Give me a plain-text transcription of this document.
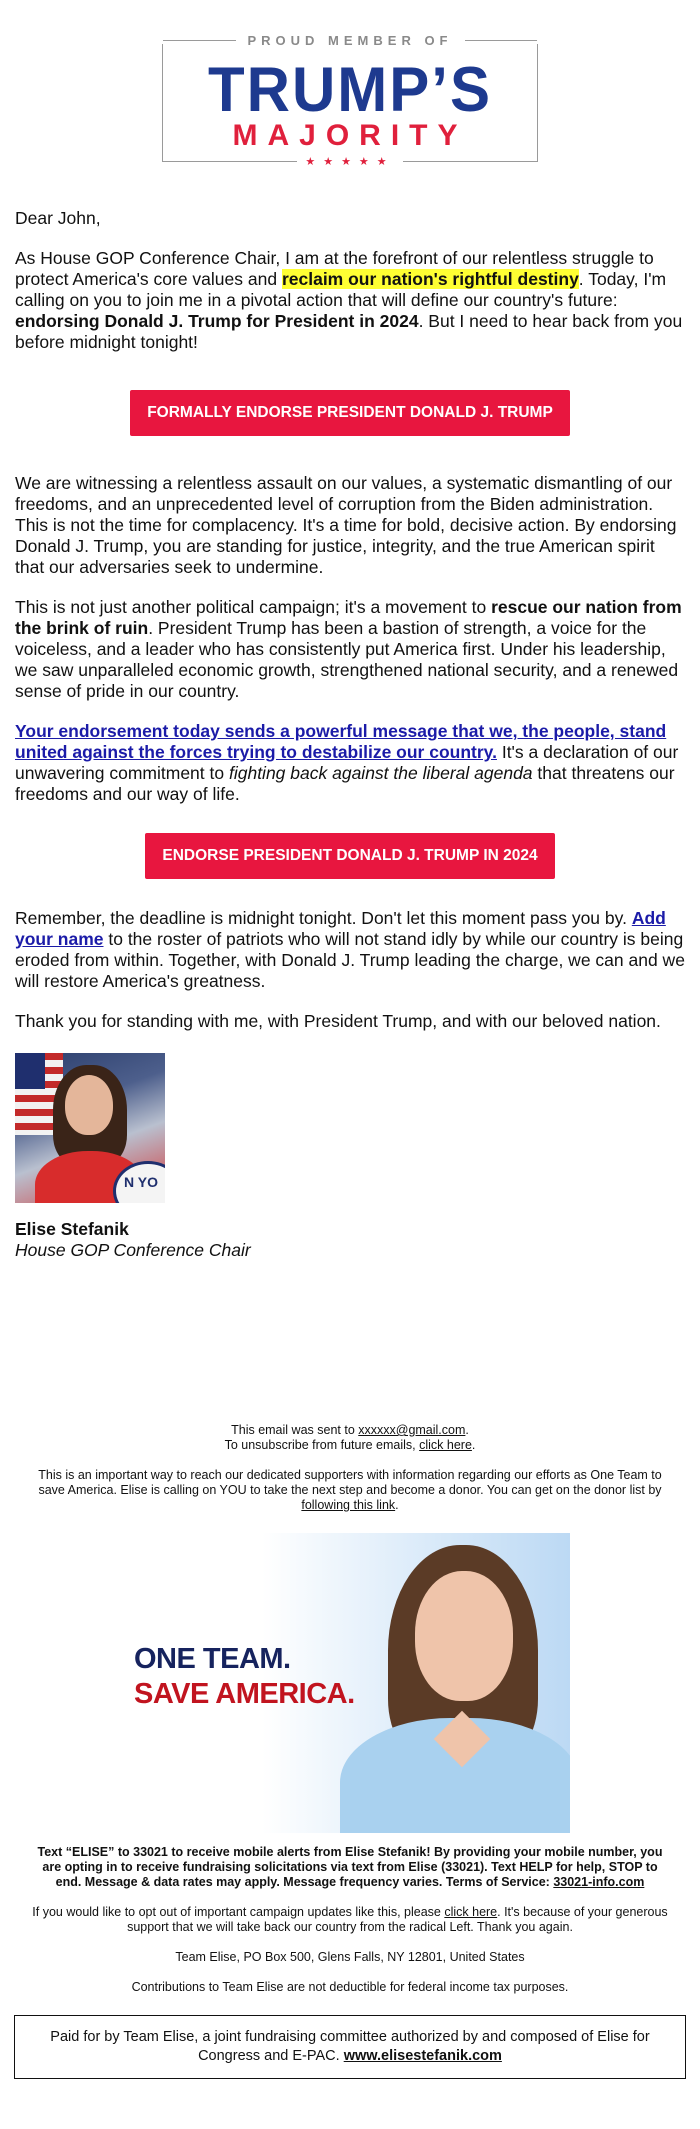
PROUD MEMBER OF
TRUMP’S
MAJORITY
★★★★★

Dear John,

As House GOP Conference Chair, I am at the forefront of our relentless struggle to protect America's core values and reclaim our nation's rightful destiny. Today, I'm calling on you to join me in a pivotal action that will define our country's future: endorsing Donald J. Trump for President in 2024. But I need to hear back from you before midnight tonight!

FORMALLY ENDORSE PRESIDENT DONALD J. TRUMP

We are witnessing a relentless assault on our values, a systematic dismantling of our freedoms, and an unprecedented level of corruption from the Biden administration. This is not the time for complacency. It's a time for bold, decisive action. By endorsing Donald J. Trump, you are standing for justice, integrity, and the true American spirit that our adversaries seek to undermine.

This is not just another political campaign; it's a movement to rescue our nation from the brink of ruin. President Trump has been a bastion of strength, a voice for the voiceless, and a leader who has consistently put America first. Under his leadership, we saw unparalleled economic growth, strengthened national security, and a renewed sense of pride in our country.

Your endorsement today sends a powerful message that we, the people, stand united against the forces trying to destabilize our country. It's a declaration of our unwavering commitment to fighting back against the liberal agenda that threatens our freedoms and our way of life.

ENDORSE PRESIDENT DONALD J. TRUMP IN 2024

Remember, the deadline is midnight tonight. Don't let this moment pass you by. Add your name to the roster of patriots who will not stand idly by while our country is being eroded from within. Together, with Donald J. Trump leading the charge, we can and we will restore America's greatness.

Thank you for standing with me, with President Trump, and with our beloved nation.

N YO

Elise Stefanik

House GOP Conference Chair

This email was sent to xxxxxx@gmail.com.
To unsubscribe from future emails, click here.

This is an important way to reach our dedicated supporters with information regarding our efforts as One Team to save America. Elise is calling on YOU to take the next step and become a donor. You can get on the donor list by following this link.

ONE TEAM.
SAVE AMERICA.

Text “ELISE” to 33021 to receive mobile alerts from Elise Stefanik! By providing your mobile number, you are opting in to receive fundraising solicitations via text from Elise (33021). Text HELP for help, STOP to end. Message & data rates may apply. Message frequency varies. Terms of Service: 33021-info.com

If you would like to opt out of important campaign updates like this, please click here. It's because of your generous support that we will take back our country from the radical Left. Thank you again.

Team Elise, PO Box 500, Glens Falls, NY 12801, United States

Contributions to Team Elise are not deductible for federal income tax purposes.

Paid for by Team Elise, a joint fundraising committee authorized by and composed of Elise for Congress and E-PAC. www.elisestefanik.com
